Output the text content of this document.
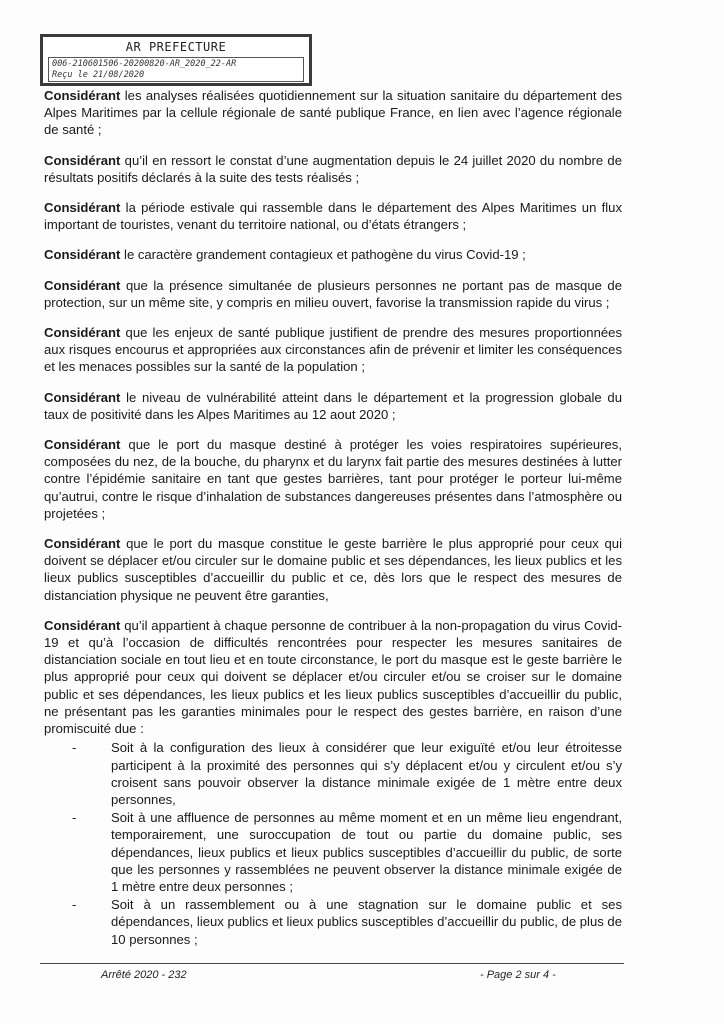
AR PREFECTURE
006-210601506-20200820-AR_2020_22-AR
Reçu le 21/08/2020

Considérant les analyses réalisées quotidiennement sur la situation sanitaire du département des Alpes Maritimes par la cellule régionale de santé publique France, en lien avec l’agence régionale de santé ;

Considérant qu’il en ressort le constat d’une augmentation depuis le 24 juillet 2020 du nombre de résultats positifs déclarés à la suite des tests réalisés ;

Considérant la période estivale qui rassemble dans le département des Alpes Maritimes un flux important de touristes, venant du territoire national, ou d’états étrangers ;

Considérant le caractère grandement contagieux et pathogène du virus Covid-19 ;

Considérant que la présence simultanée de plusieurs personnes ne portant pas de masque de protection, sur un même site, y compris en milieu ouvert, favorise la transmission rapide du virus ;

Considérant que les enjeux de santé publique justifient de prendre des mesures proportionnées aux risques encourus et appropriées aux circonstances afin de prévenir et limiter les conséquences et les menaces possibles sur la santé de la population ;

Considérant le niveau de vulnérabilité atteint dans le département et la progression globale du taux de positivité dans les Alpes Maritimes au 12 aout 2020 ;

Considérant que le port du masque destiné à protéger les voies respiratoires supérieures, composées du nez, de la bouche, du pharynx et du larynx fait partie des mesures destinées à lutter contre l’épidémie sanitaire en tant que gestes barrières, tant pour protéger le porteur lui-même qu’autrui, contre le risque d’inhalation de substances dangereuses présentes dans l’atmosphère ou projetées ;

Considérant que le port du masque constitue le geste barrière le plus approprié pour ceux qui doivent se déplacer et/ou circuler sur le domaine public et ses dépendances, les lieux publics et les lieux publics susceptibles d’accueillir du public et ce, dès lors que le respect des mesures de distanciation physique ne peuvent être garanties,

Considérant qu’il appartient à chaque personne de contribuer à la non-propagation du virus Covid-19 et qu’à l’occasion de difficultés rencontrées pour respecter les mesures sanitaires de distanciation sociale en tout lieu et en toute circonstance, le port du masque est le geste barrière le plus approprié pour ceux qui doivent se déplacer et/ou circuler et/ou se croiser sur le domaine public et ses dépendances, les lieux publics et les lieux publics susceptibles d’accueillir du public, ne présentant pas les garanties minimales pour le respect des gestes barrière, en raison d’une promiscuité due :

-	Soit à la configuration des lieux à considérer que leur exiguïté et/ou leur étroitesse participent à la proximité des personnes qui s’y déplacent et/ou y circulent et/ou s’y croisent sans pouvoir observer la distance minimale exigée de 1 mètre entre deux personnes,
-	Soit à une affluence de personnes au même moment et en un même lieu engendrant, temporairement, une suroccupation de tout ou partie du domaine public, ses dépendances, lieux publics et lieux publics susceptibles d’accueillir du public, de sorte que les personnes y rassemblées ne peuvent observer la distance minimale exigée de 1 mètre entre deux personnes ;
-	Soit à un rassemblement ou à une stagnation sur le domaine public et ses dépendances, lieux publics et lieux publics susceptibles d’accueillir du public, de plus de 10 personnes ;
Arrêté 2020 - 232	- Page 2 sur 4 -
